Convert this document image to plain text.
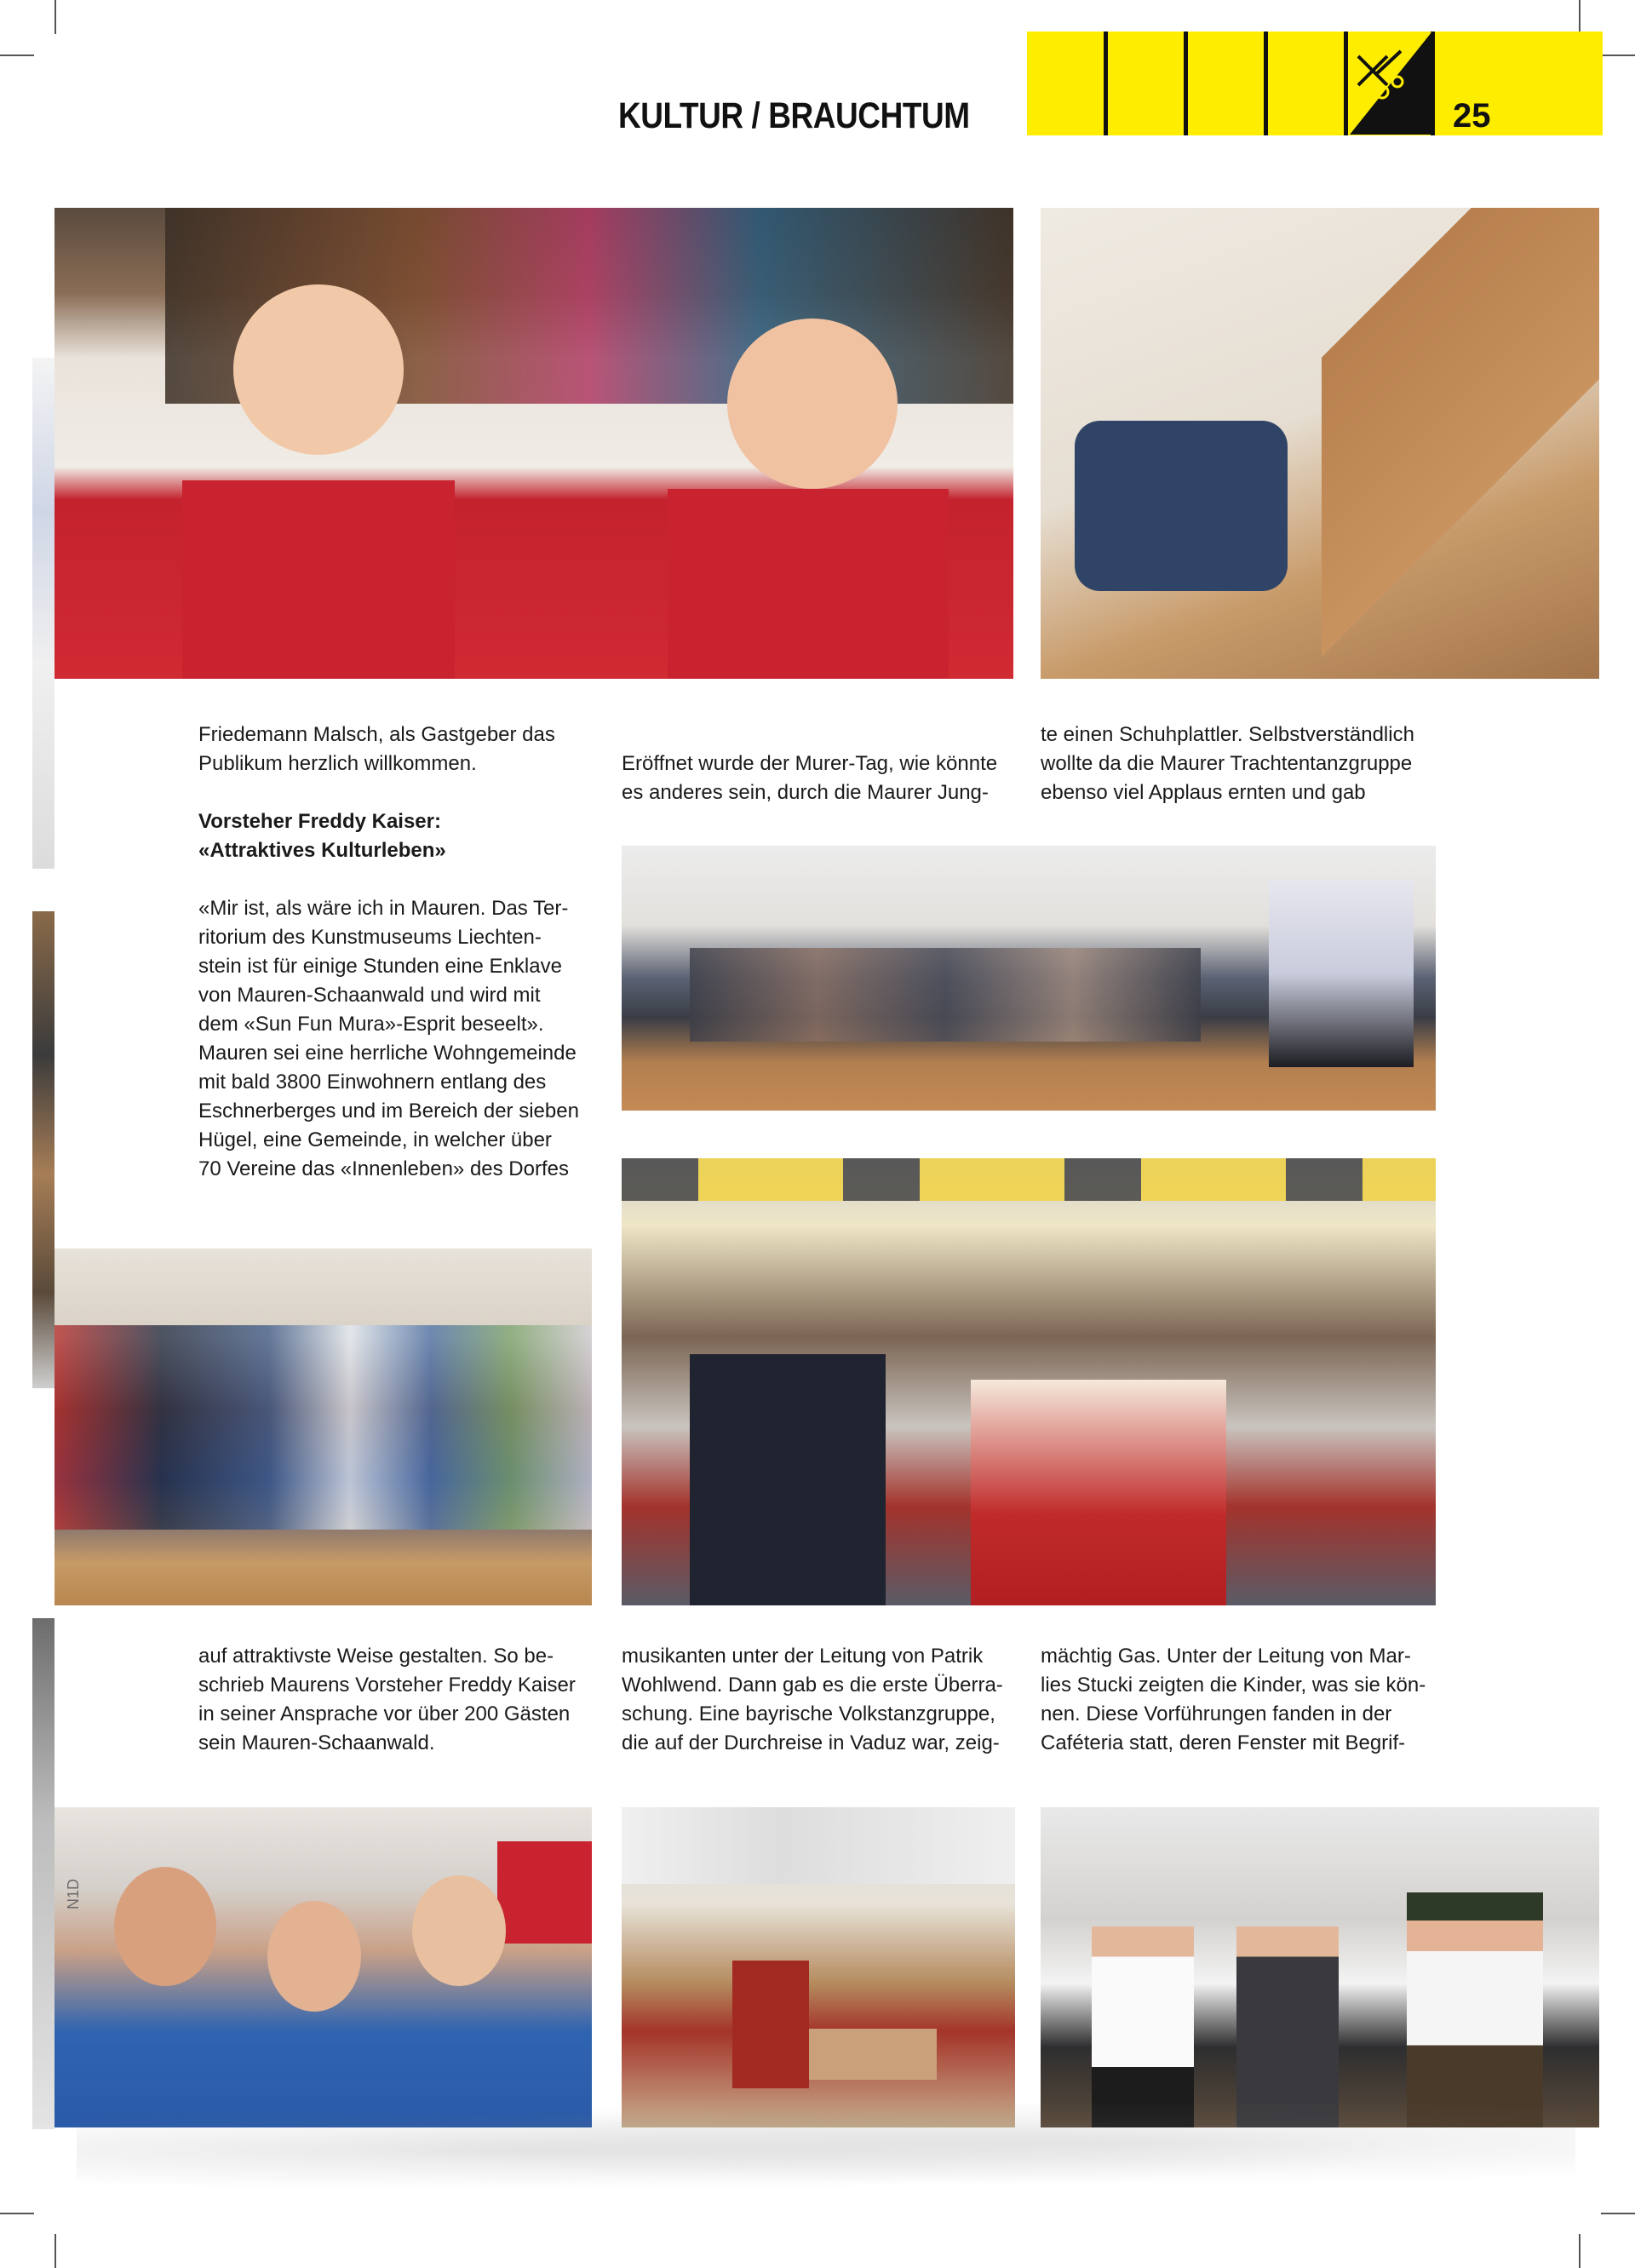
KULTUR / BRAUCHTUM	25

Friedemann Malsch, als Gastgeber das

Publikum herzlich willkommen.

Vorsteher Freddy Kaiser:

«Attraktives Kulturleben»

«Mir ist, als wäre ich in Mauren. Das Ter-

ritorium des Kunstmuseums Liechten-

stein ist für einige Stunden eine Enklave

von Mauren-Schaanwald und wird mit

dem «Sun Fun Mura»-Esprit beseelt».

Mauren sei eine herrliche Wohngemeinde

mit bald 3800 Einwohnern entlang des

Eschnerberges und im Bereich der sieben

Hügel, eine Gemeinde, in welcher über

70 Vereine das «Innenleben» des Dorfes

Eröffnet wurde der Murer-Tag, wie könnte

es anderes sein, durch die Maurer Jung-

te einen Schuhplattler. Selbstverständlich

wollte da die Maurer Trachtentanzgruppe

ebenso viel Applaus ernten und gab

auf attraktivste Weise gestalten. So be-

schrieb Maurens Vorsteher Freddy Kaiser

in seiner Ansprache vor über 200 Gästen

sein Mauren-Schaanwald.

musikanten unter der Leitung von Patrik

Wohlwend. Dann gab es die erste Überra-

schung. Eine bayrische Volkstanzgruppe,

die auf der Durchreise in Vaduz war, zeig-

mächtig Gas. Unter der Leitung von Mar-

lies Stucki zeigten die Kinder, was sie kön-

nen. Diese Vorführungen fanden in der

Caféteria statt, deren Fenster mit Begrif-

N1D
